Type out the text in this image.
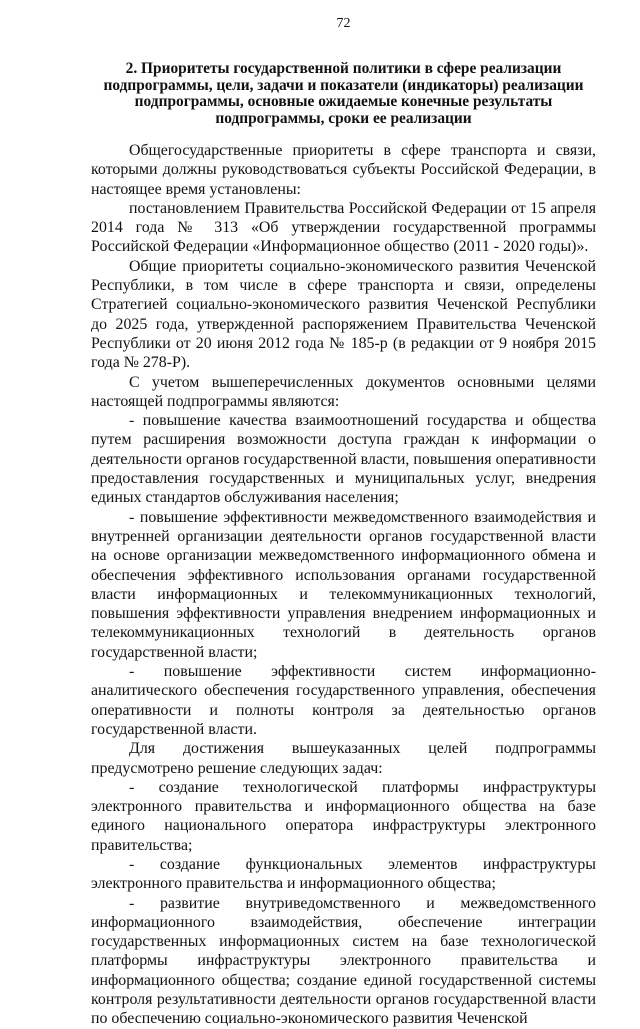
72
2. Приоритеты государственной политики в сфере реализации
подпрограммы, цели, задачи и показатели (индикаторы) реализации
подпрограммы, основные ожидаемые конечные результаты
подпрограммы, сроки ее реализации

Общегосударственные приоритеты в сфере транспорта и связи, которыми должны руководствоваться субъекты Российской Федерации, в настоящее время установлены:

постановлением Правительства Российской Федерации от 15 апреля 2014 года № 313 «Об утверждении государственной программы Российской Федерации «Информационное общество (2011 - 2020 годы)».

Общие приоритеты социально-экономического развития Чеченской Республики, в том числе в сфере транспорта и связи, определены Стратегией социально-экономического развития Чеченской Республики до 2025 года, утвержденной распоряжением Правительства Чеченской Республики от 20 июня 2012 года № 185-р (в редакции от 9 ноября 2015 года № 278-Р).

С учетом вышеперечисленных документов основными целями настоящей подпрограммы являются:

- повышение качества взаимоотношений государства и общества путем расширения возможности доступа граждан к информации о деятельности органов государственной власти, повышения оперативности предоставления государственных и муниципальных услуг, внедрения единых стандартов обслуживания населения;

- повышение эффективности межведомственного взаимодействия и внутренней организации деятельности органов государственной власти на основе организации межведомственного информационного обмена и обеспечения эффективного использования органами государственной власти информационных и телекоммуникационных технологий, повышения эффективности управления внедрением информационных и телекоммуникационных технологий в деятельность органов государственной власти;

- повышение эффективности систем информационно-аналитического обеспечения государственного управления, обеспечения оперативности и полноты контроля за деятельностью органов государственной власти.

Для достижения вышеуказанных целей подпрограммы предусмотрено решение следующих задач:

- создание технологической платформы инфраструктуры электронного правительства и информационного общества на базе единого национального оператора инфраструктуры электронного правительства;

- создание функциональных элементов инфраструктуры электронного правительства и информационного общества;

- развитие внутриведомственного и межведомственного информационного взаимодействия, обеспечение интеграции государственных информационных систем на базе технологической платформы инфраструктуры электронного правительства и информационного общества; создание единой государственной системы контроля результативности деятельности органов государственной власти по обеспечению социально-экономического развития Чеченской
